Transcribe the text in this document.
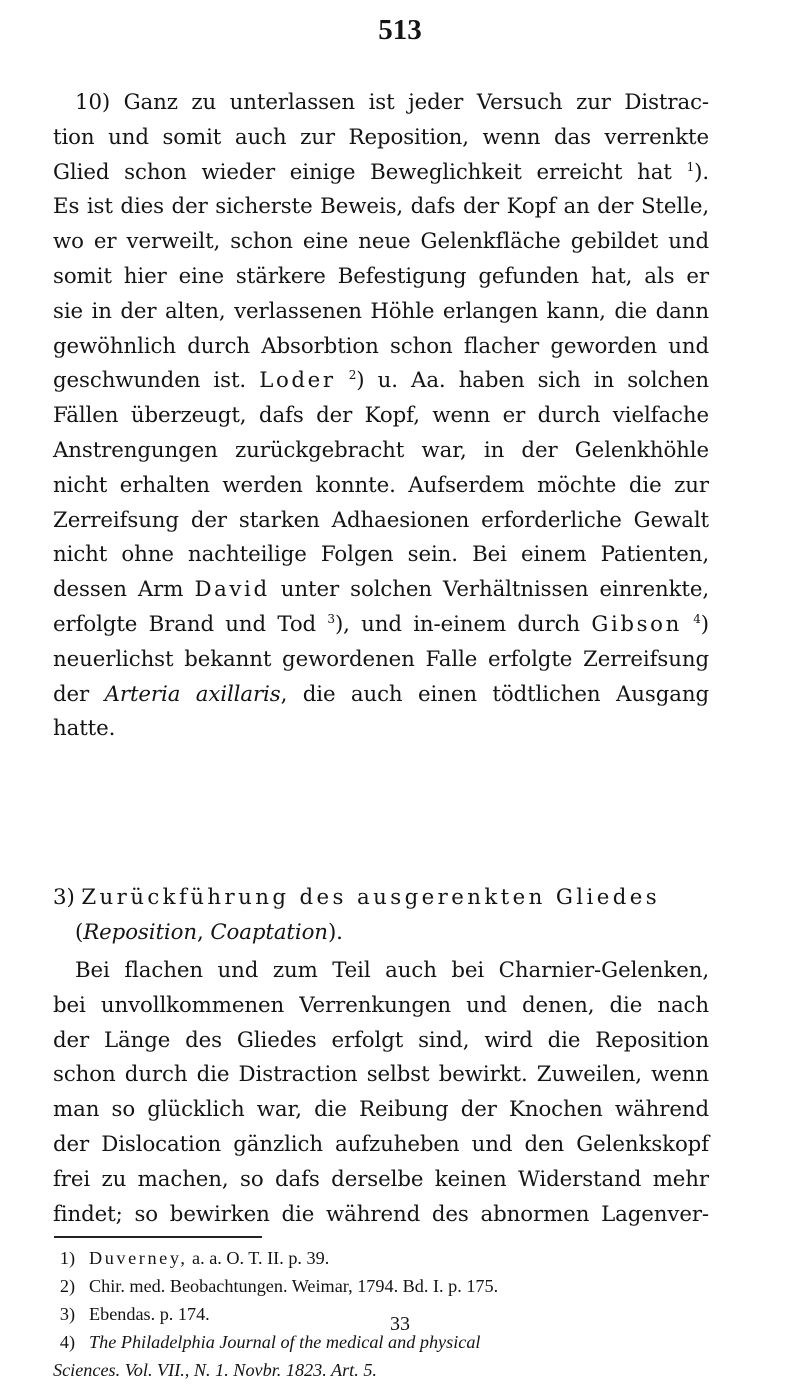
513
10) Ganz zu unterlassen ist jeder Versuch zur Distrac-
tion und somit auch zur Reposition, wenn das verrenkte
Glied schon wieder einige Beweglichkeit erreicht hat $^1$).
Es ist dies der sicherste Beweis, dafs der Kopf an der Stelle,
wo er verweilt, schon eine neue Gelenkfläche gebildet und
somit hier eine stärkere Befestigung gefunden hat, als er
sie in der alten, verlassenen Höhle erlangen kann, die dann
gewöhnlich durch Absorbtion schon flacher geworden und
geschwunden ist. Loder $^2$) u. Aa. haben sich in solchen
Fällen überzeugt, dafs der Kopf, wenn er durch vielfache
Anstrengungen zurückgebracht war, in der Gelenkhöhle
nicht erhalten werden konnte. Aufserdem möchte die zur
Zerreifsung der starken Adhaesionen erforderliche Gewalt
nicht ohne nachteilige Folgen sein. Bei einem Patienten,
dessen Arm David unter solchen Verhältnissen einrenkte,
erfolgte Brand und Tod $^3$), und in-einem durch Gibson $^4$)
neuerlichst bekannt gewordenen Falle erfolgte Zerreifsung
der Arteria axillaris, die auch einen tödtlichen Ausgang
hatte.
3) Zurückführung des ausgerenkten Gliedes
(Reposition, Coaptation).
Bei flachen und zum Teil auch bei Charnier-Gelenken,
bei unvollkommenen Verrenkungen und denen, die nach
der Länge des Gliedes erfolgt sind, wird die Reposition
schon durch die Distraction selbst bewirkt. Zuweilen, wenn
man so glücklich war, die Reibung der Knochen während
der Dislocation gänzlich aufzuheben und den Gelenkskopf
frei zu machen, so dafs derselbe keinen Widerstand mehr
findet; so bewirken die während des abnormen Lagenver-
1) Duverney, a. a. O. T. II. p. 39.
2) Chir. med. Beobachtungen. Weimar, 1794. Bd. I. p. 175.
3) Ebendas. p. 174.
4) The Philadelphia Journal of the medical and physical
Sciences. Vol. VII., N. 1. Novbr. 1823. Art. 5.
33
